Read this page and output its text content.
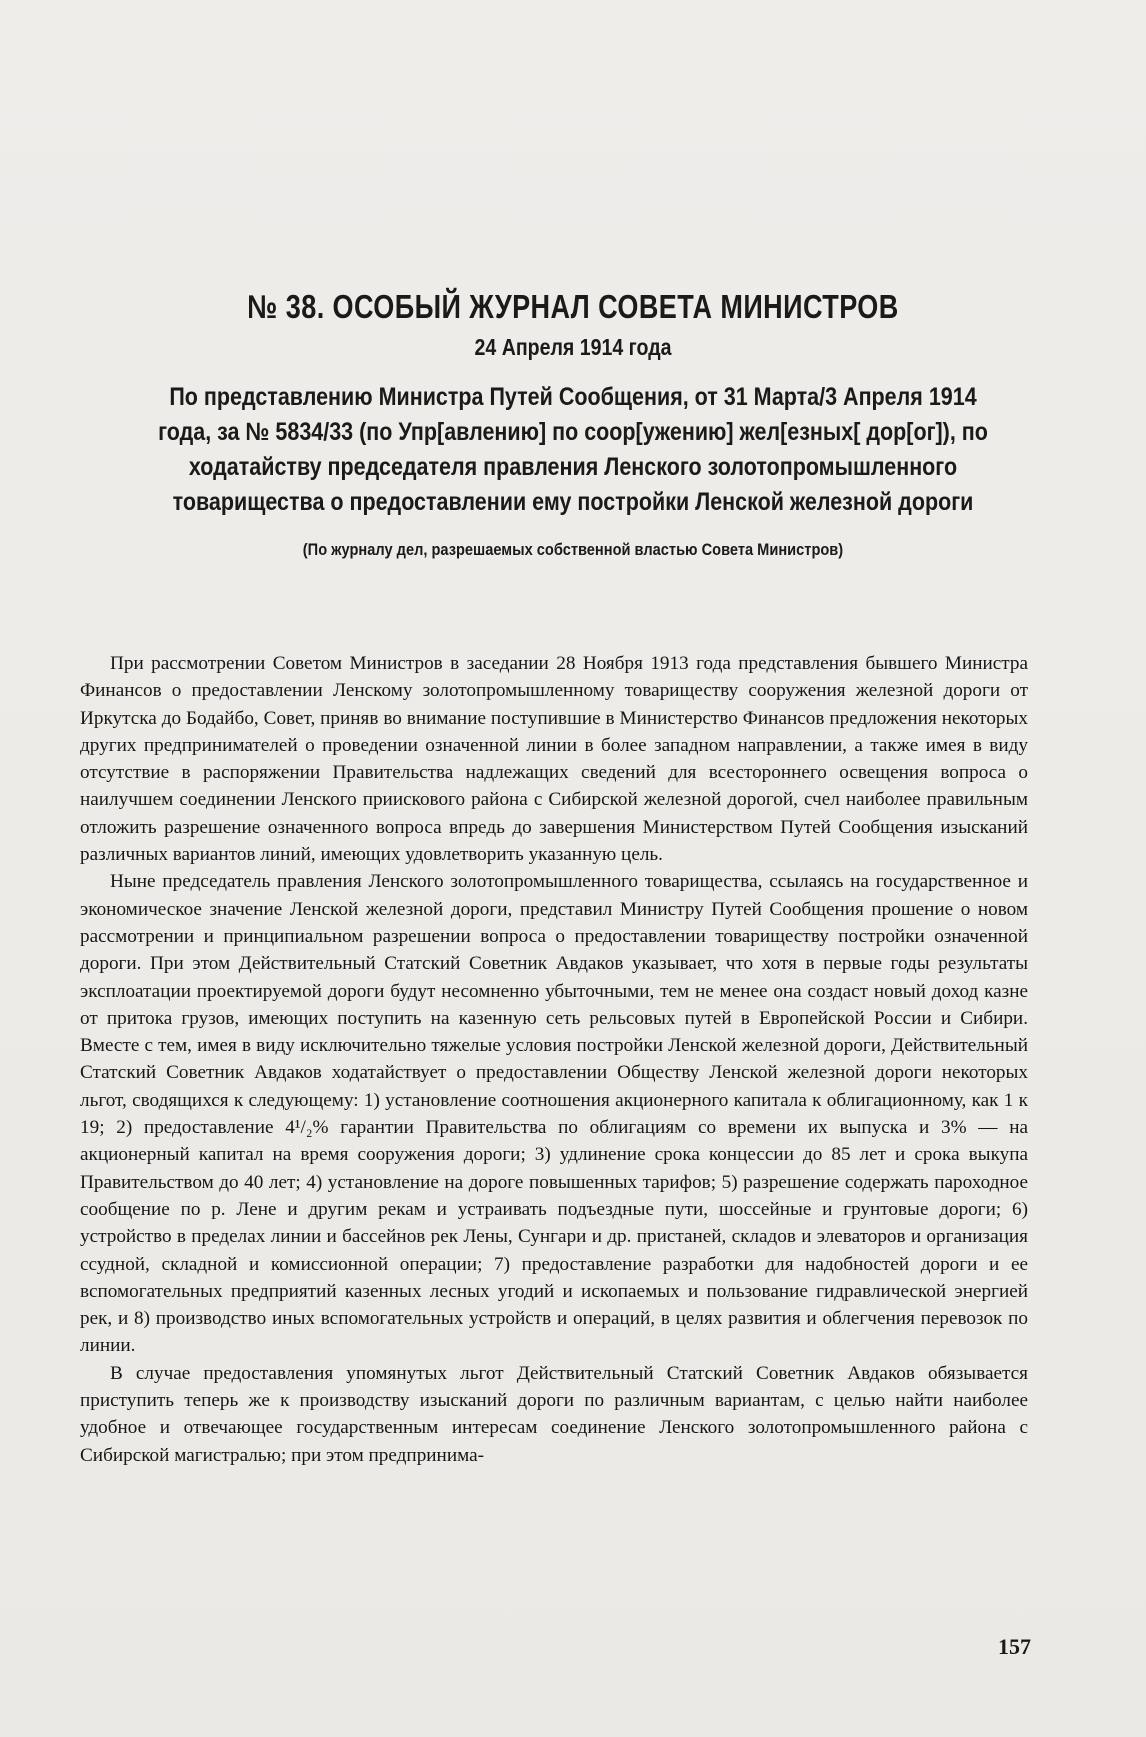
№ 38. ОСОБЫЙ ЖУРНАЛ СОВЕТА МИНИСТРОВ
24 Апреля 1914 года
По представлению Министра Путей Сообщения, от 31 Марта/3 Апреля 1914 года, за № 5834/33 (по Упр[авлению] по соор[ужению] жел[езных[ дор[ог]), по ходатайству председателя правления Ленского золотопромышленного товарищества о предоставлении ему постройки Ленской железной дороги
(По журналу дел, разрешаемых собственной властью Совета Министров)

При рассмотрении Советом Министров в заседании 28 Ноября 1913 года представления бывшего Министра Финансов о предоставлении Ленскому золотопромышленному товариществу сооружения железной дороги от Иркутска до Бодайбо, Совет, приняв во внимание поступившие в Министерство Финансов предложения некоторых других предпринимателей о проведении означенной линии в более западном направлении, а также имея в виду отсутствие в распоряжении Правительства надлежащих сведений для всестороннего освещения вопроса о наилучшем соединении Ленского приискового района с Сибирской железной дорогой, счел наиболее правильным отложить разрешение означенного вопроса впредь до завершения Министерством Путей Сообщения изысканий различных вариантов линий, имеющих удовлетворить указанную цель.

Ныне председатель правления Ленского золотопромышленного товарищества, ссылаясь на государственное и экономическое значение Ленской железной дороги, представил Министру Путей Сообщения прошение о новом рассмотрении и принципиальном разрешении вопроса о предоставлении товариществу постройки означенной дороги. При этом Действительный Статский Советник Авдаков указывает, что хотя в первые годы результаты эксплоатации проектируемой дороги будут несомненно убыточными, тем не менее она создаст новый доход казне от притока грузов, имеющих поступить на казенную сеть рельсовых путей в Европейской России и Сибири. Вместе с тем, имея в виду исключительно тяжелые условия постройки Ленской железной дороги, Действительный Статский Советник Авдаков ходатайствует о предоставлении Обществу Ленской железной дороги некоторых льгот, сводящихся к следующему: 1) установление соотношения акционерного капитала к облигационному, как 1 к 19; 2) предоставление 4¹/₂% гарантии Правительства по облигациям со времени их выпуска и 3% — на акционерный капитал на время сооружения дороги; 3) удлинение срока концессии до 85 лет и срока выкупа Правительством до 40 лет; 4) установление на дороге повышенных тарифов; 5) разрешение содержать пароходное сообщение по р. Лене и другим рекам и устраивать подъездные пути, шоссейные и грунтовые дороги; 6) устройство в пределах линии и бассейнов рек Лены, Сунгари и др. пристаней, складов и элеваторов и организация ссудной, складной и комиссионной операции; 7) предоставление разработки для надобностей дороги и ее вспомогательных предприятий казенных лесных угодий и ископаемых и пользование гидравлической энергией рек, и 8) производство иных вспомогательных устройств и операций, в целях развития и облегчения перевозок по линии.

В случае предоставления упомянутых льгот Действительный Статский Советник Авдаков обязывается приступить теперь же к производству изысканий дороги по различным вариантам, с целью найти наиболее удобное и отвечающее государственным интересам соединение Ленского золотопромышленного района с Сибирской магистралью; при этом предпринима-

157
